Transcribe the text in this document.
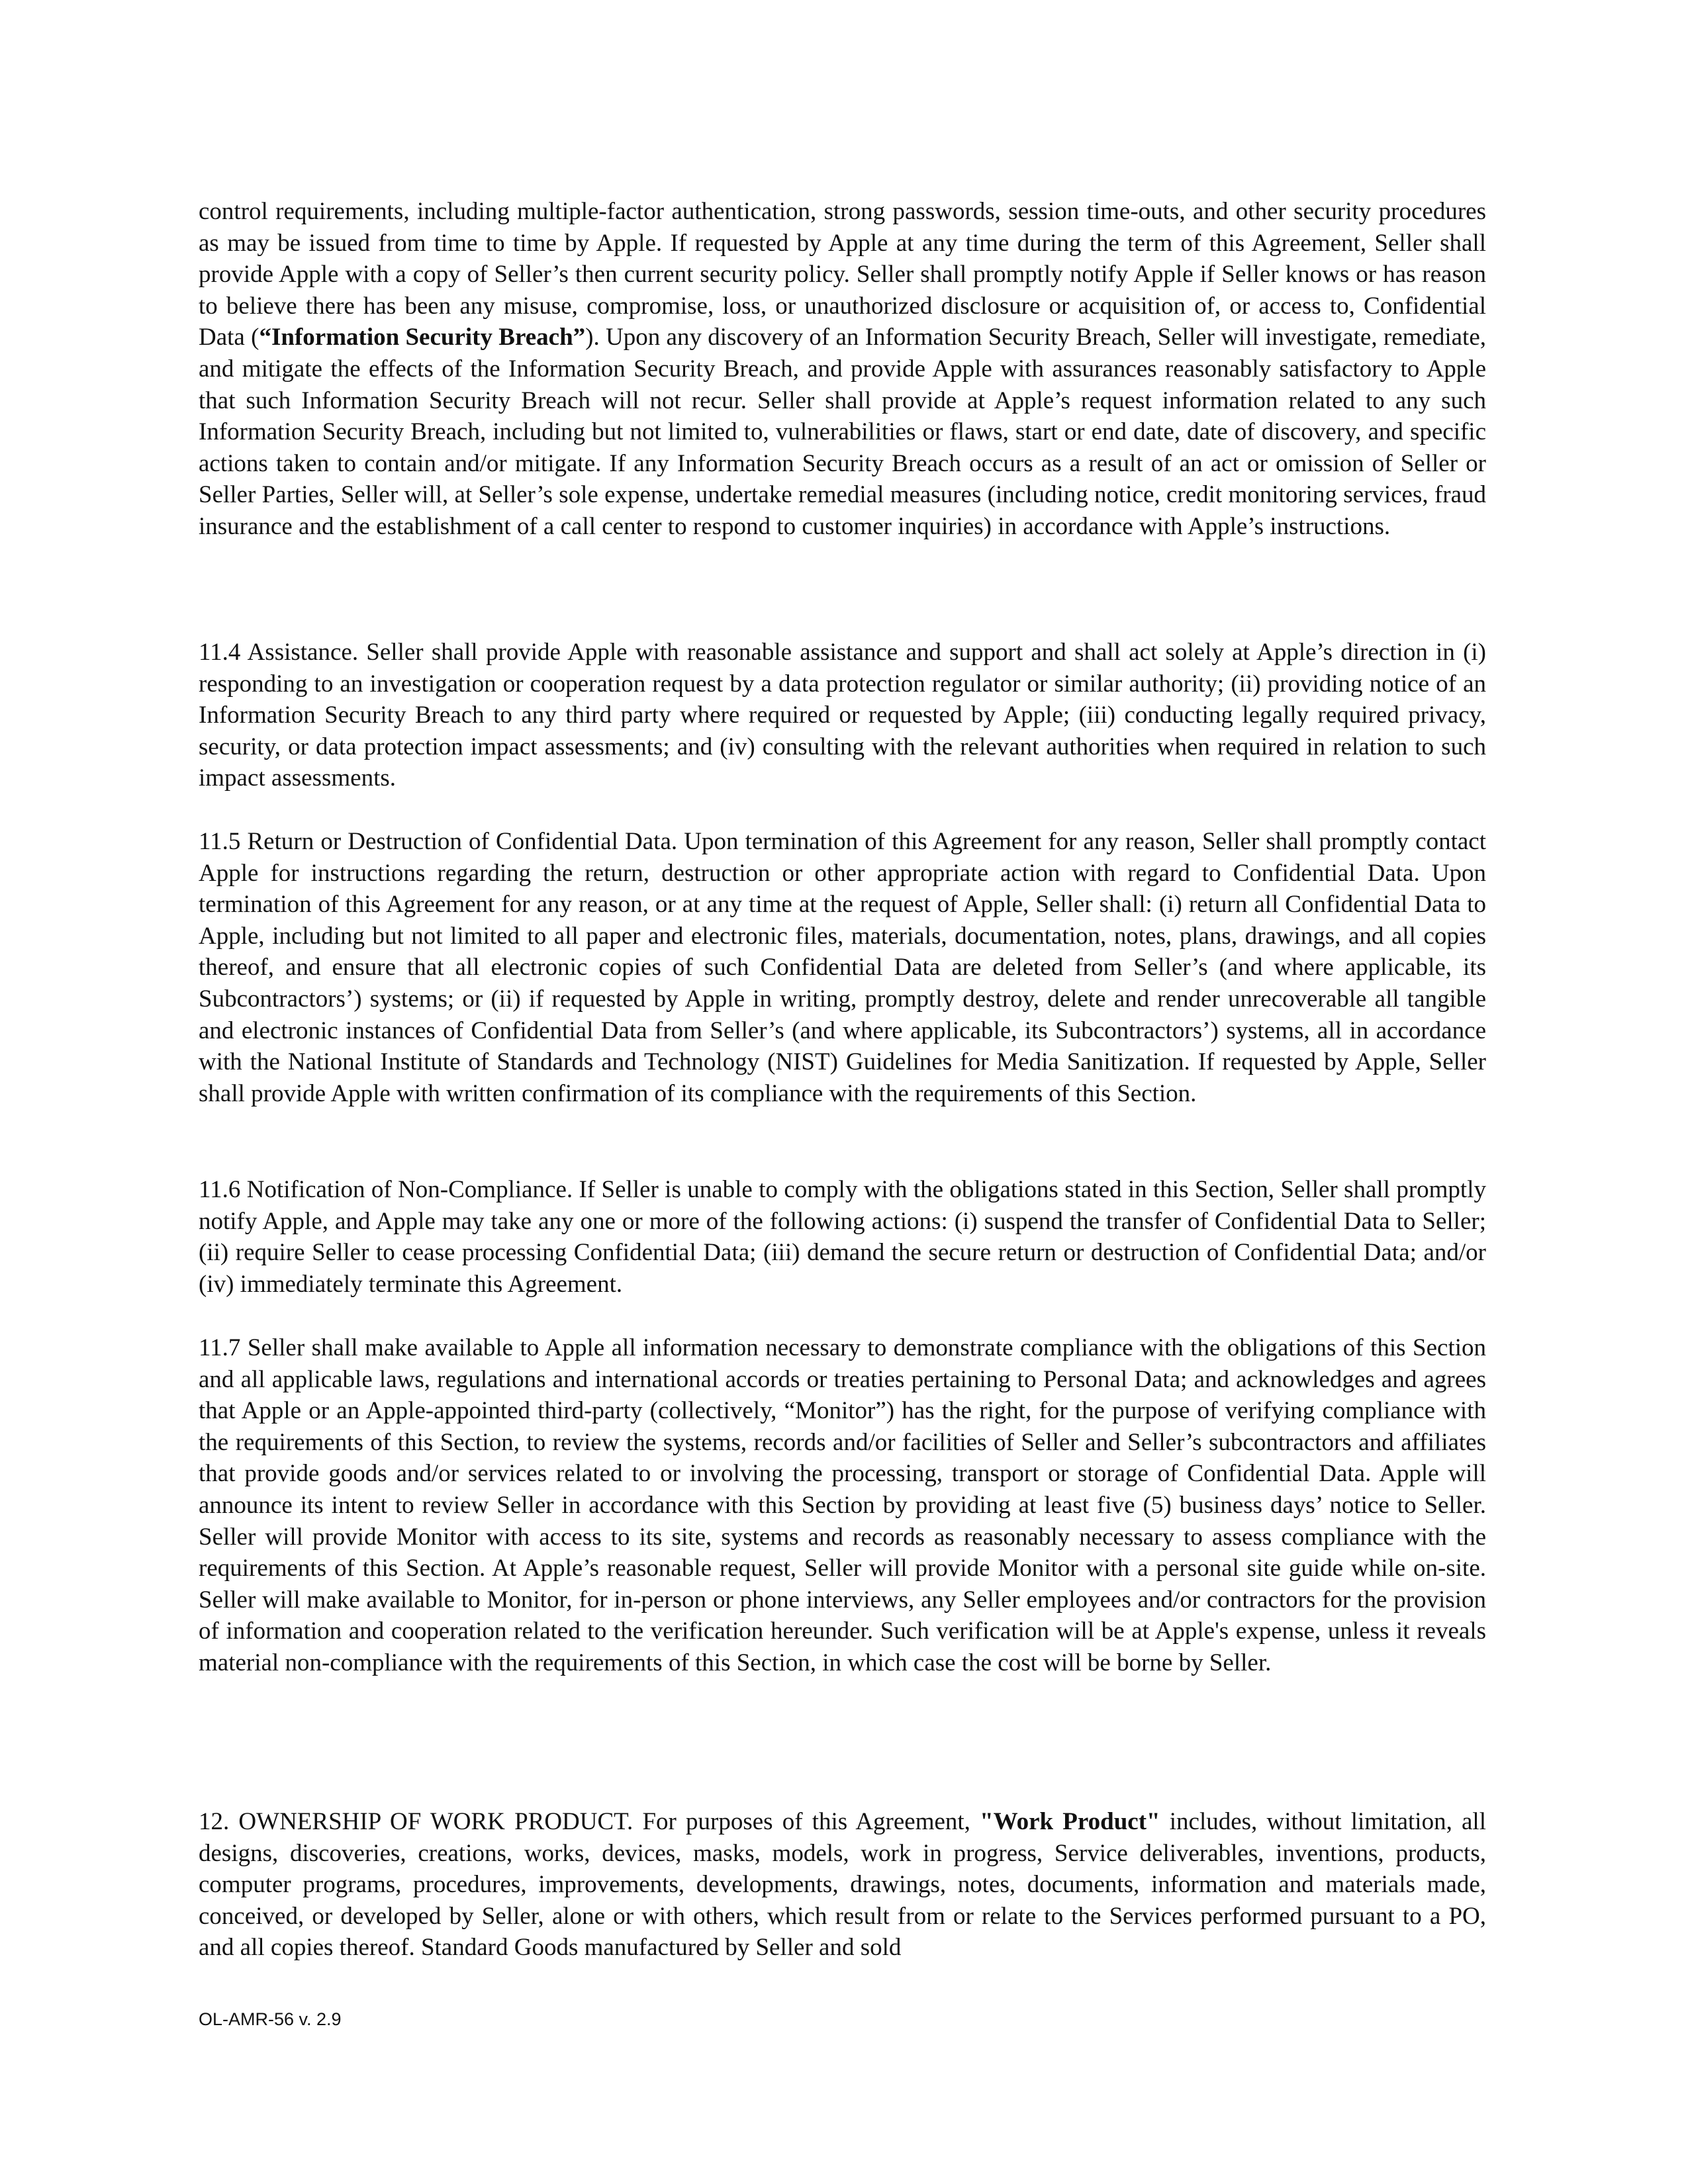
control requirements, including multiple-factor authentication, strong passwords, session time-outs, and other security procedures as may be issued from time to time by Apple. If requested by Apple at any time during the term of this Agreement, Seller shall provide Apple with a copy of Seller’s then current security policy. Seller shall promptly notify Apple if Seller knows or has reason to believe there has been any misuse, compromise, loss, or unauthorized disclosure or acquisition of, or access to, Confidential Data (“Information Security Breach”). Upon any discovery of an Information Security Breach, Seller will investigate, remediate, and mitigate the effects of the Information Security Breach, and provide Apple with assurances reasonably satisfactory to Apple that such Information Security Breach will not recur. Seller shall provide at Apple’s request information related to any such Information Security Breach, including but not limited to, vulnerabilities or flaws, start or end date, date of discovery, and specific actions taken to contain and/or mitigate. If any Information Security Breach occurs as a result of an act or omission of Seller or Seller Parties, Seller will, at Seller’s sole expense, undertake remedial measures (including notice, credit monitoring services, fraud insurance and the establishment of a call center to respond to customer inquiries) in accordance with Apple’s instructions.

11.4 Assistance. Seller shall provide Apple with reasonable assistance and support and shall act solely at Apple’s direction in (i) responding to an investigation or cooperation request by a data protection regulator or similar authority; (ii) providing notice of an Information Security Breach to any third party where required or requested by Apple; (iii) conducting legally required privacy, security, or data protection impact assessments; and (iv) consulting with the relevant authorities when required in relation to such impact assessments.

11.5 Return or Destruction of Confidential Data. Upon termination of this Agreement for any reason, Seller shall promptly contact Apple for instructions regarding the return, destruction or other appropriate action with regard to Confidential Data. Upon termination of this Agreement for any reason, or at any time at the request of Apple, Seller shall: (i) return all Confidential Data to Apple, including but not limited to all paper and electronic files, materials, documentation, notes, plans, drawings, and all copies thereof, and ensure that all electronic copies of such Confidential Data are deleted from Seller’s (and where applicable, its Subcontractors’) systems; or (ii) if requested by Apple in writing, promptly destroy, delete and render unrecoverable all tangible and electronic instances of Confidential Data from Seller’s (and where applicable, its Subcontractors’) systems, all in accordance with the National Institute of Standards and Technology (NIST) Guidelines for Media Sanitization. If requested by Apple, Seller shall provide Apple with written confirmation of its compliance with the requirements of this Section.

11.6 Notification of Non-Compliance. If Seller is unable to comply with the obligations stated in this Section, Seller shall promptly notify Apple, and Apple may take any one or more of the following actions: (i) suspend the transfer of Confidential Data to Seller; (ii) require Seller to cease processing Confidential Data; (iii) demand the secure return or destruction of Confidential Data; and/or (iv) immediately terminate this Agreement.

11.7 Seller shall make available to Apple all information necessary to demonstrate compliance with the obligations of this Section and all applicable laws, regulations and international accords or treaties pertaining to Personal Data; and acknowledges and agrees that Apple or an Apple-appointed third-party (collectively, “Monitor”) has the right, for the purpose of verifying compliance with the requirements of this Section, to review the systems, records and/or facilities of Seller and Seller’s subcontractors and affiliates that provide goods and/or services related to or involving the processing, transport or storage of Confidential Data. Apple will announce its intent to review Seller in accordance with this Section by providing at least five (5) business days’ notice to Seller. Seller will provide Monitor with access to its site, systems and records as reasonably necessary to assess compliance with the requirements of this Section. At Apple’s reasonable request, Seller will provide Monitor with a personal site guide while on-site. Seller will make available to Monitor, for in-person or phone interviews, any Seller employees and/or contractors for the provision of information and cooperation related to the verification hereunder. Such verification will be at Apple's expense, unless it reveals material non-compliance with the requirements of this Section, in which case the cost will be borne by Seller.

12. OWNERSHIP OF WORK PRODUCT. For purposes of this Agreement, "Work Product" includes, without limitation, all designs, discoveries, creations, works, devices, masks, models, work in progress, Service deliverables, inventions, products, computer programs, procedures, improvements, developments, drawings, notes, documents, information and materials made, conceived, or developed by Seller, alone or with others, which result from or relate to the Services performed pursuant to a PO, and all copies thereof. Standard Goods manufactured by Seller and sold

OL-AMR-56 v. 2.9
